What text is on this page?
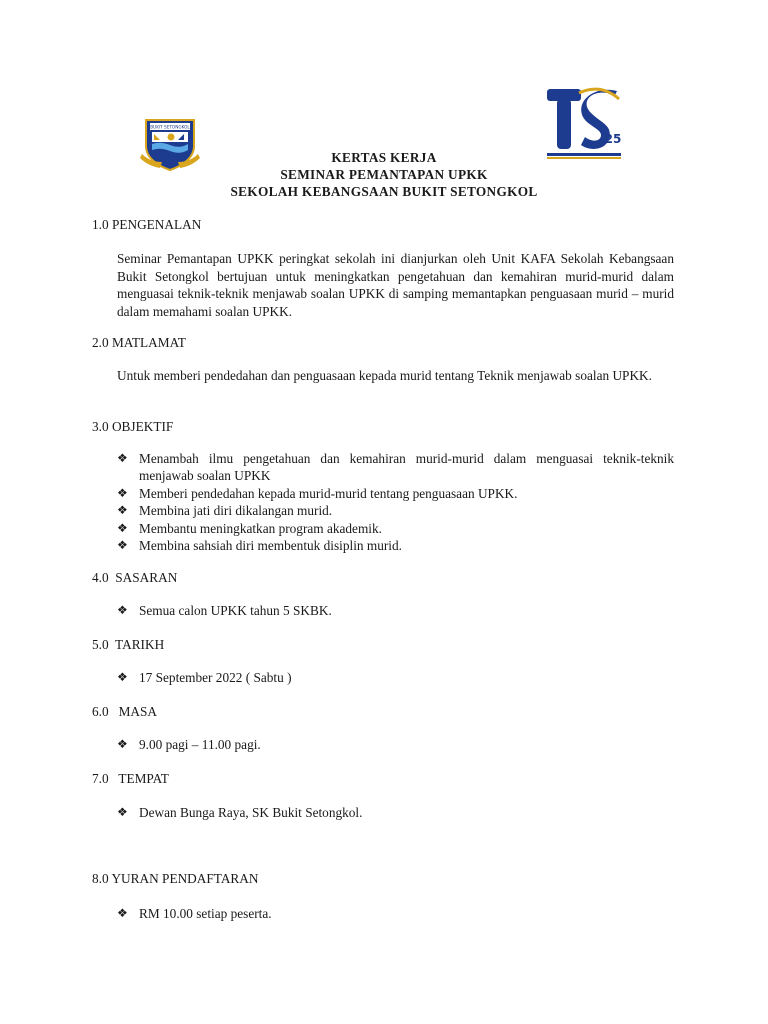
BUKIT SETONGKOL
25
KERTAS KERJA
SEMINAR PEMANTAPAN UPKK
SEKOLAH KEBANGSAAN BUKIT SETONGKOL
1.0 PENGENALAN

Seminar Pemantapan UPKK peringkat sekolah ini dianjurkan oleh Unit KAFA Sekolah Kebangsaan Bukit Setongkol bertujuan untuk meningkatkan pengetahuan dan kemahiran murid-murid dalam menguasai teknik-teknik menjawab soalan UPKK di samping memantapkan penguasaan murid – murid dalam memahami soalan UPKK.

2.0 MATLAMAT

Untuk memberi pendedahan dan penguasaan kepada murid tentang Teknik menjawab soalan UPKK.

3.0 OBJEKTIF
❖ Menambah ilmu pengetahuan dan kemahiran murid-murid dalam menguasai teknik-teknik menjawab soalan UPKK
❖ Memberi pendedahan kepada murid-murid tentang penguasaan UPKK.
❖ Membina jati diri dikalangan murid.
❖ Membantu meningkatkan program akademik.
❖ Membina sahsiah diri membentuk disiplin murid.
4.0  SASARAN
❖ Semua calon UPKK tahun 5 SKBK.
5.0  TARIKH
❖ 17 September 2022 ( Sabtu )
6.0   MASA
❖ 9.00 pagi – 11.00 pagi.
7.0   TEMPAT
❖ Dewan Bunga Raya, SK Bukit Setongkol.
8.0 YURAN PENDAFTARAN
❖ RM 10.00 setiap peserta.
